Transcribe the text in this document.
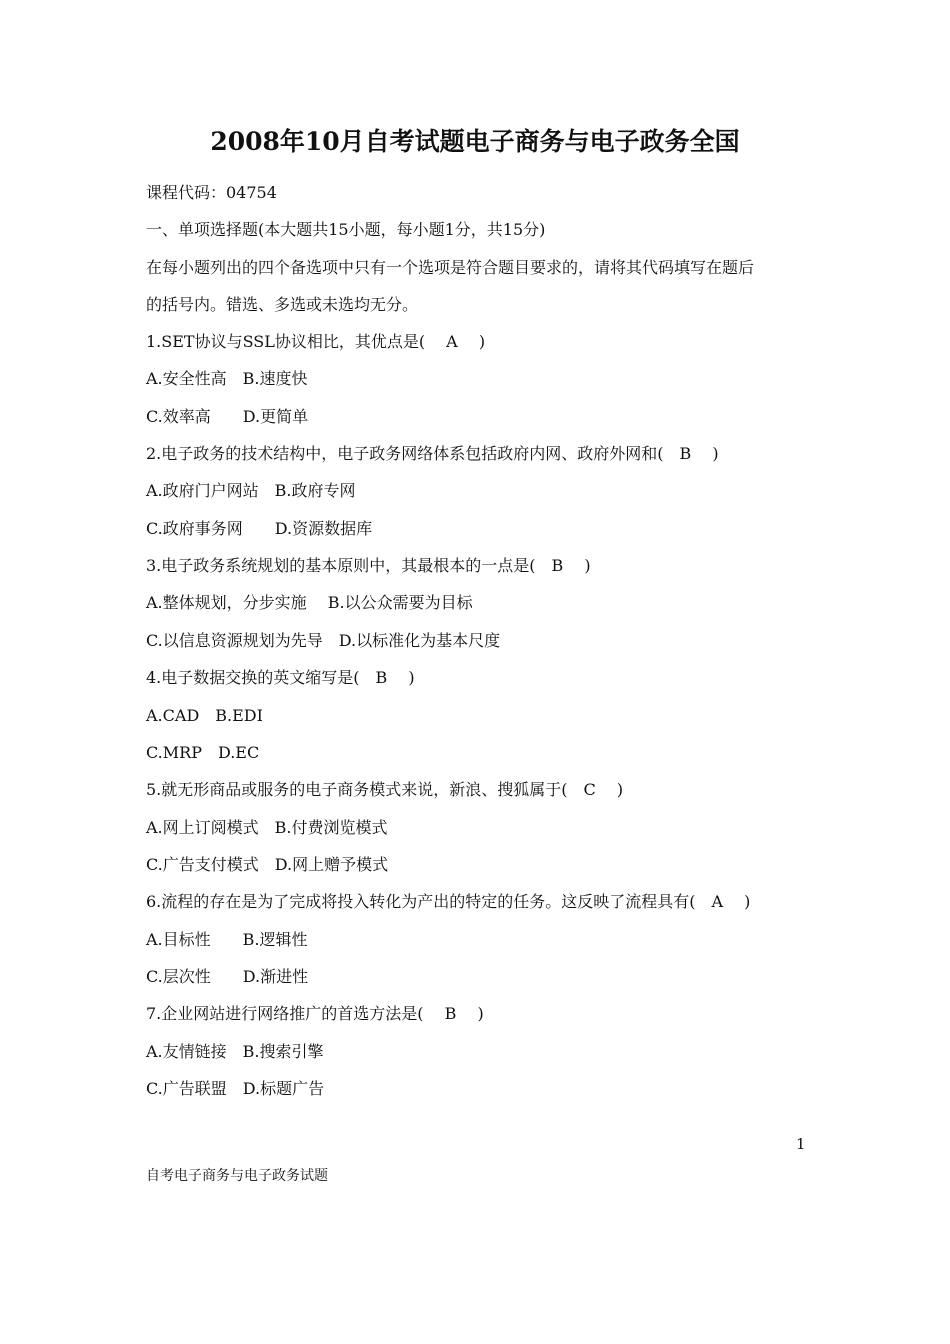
2008年10月自考试题电子商务与电子政务全国
课程代码：04754
一、单项选择题(本大题共15小题，每小题1分，共15分)
在每小题列出的四个备选项中只有一个选项是符合题目要求的，请将其代码填写在题后
的括号内。错选、多选或未选均无分。
1.SET协议与SSL协议相比，其优点是(　 A　 )
A.安全性高　B.速度快
C.效率高　　D.更简单
2.电子政务的技术结构中，电子政务网络体系包括政府内网、政府外网和(　B　 )
A.政府门户网站　B.政府专网
C.政府事务网　　D.资源数据库
3.电子政务系统规划的基本原则中，其最根本的一点是(　B　 )
A.整体规划，分步实施　 B.以公众需要为目标
C.以信息资源规划为先导　D.以标准化为基本尺度
4.电子数据交换的英文缩写是(　B　 )
A.CAD　B.EDI
C.MRP　D.EC
5.就无形商品或服务的电子商务模式来说，新浪、搜狐属于(　C　 )
A.网上订阅模式　B.付费浏览模式
C.广告支付模式　D.网上赠予模式
6.流程的存在是为了完成将投入转化为产出的特定的任务。这反映了流程具有(　A　 )
A.目标性　　B.逻辑性
C.层次性　　D.渐进性
7.企业网站进行网络推广的首选方法是(　 B　 )
A.友情链接　B.搜索引擎
C.广告联盟　D.标题广告
1
自考电子商务与电子政务试题
